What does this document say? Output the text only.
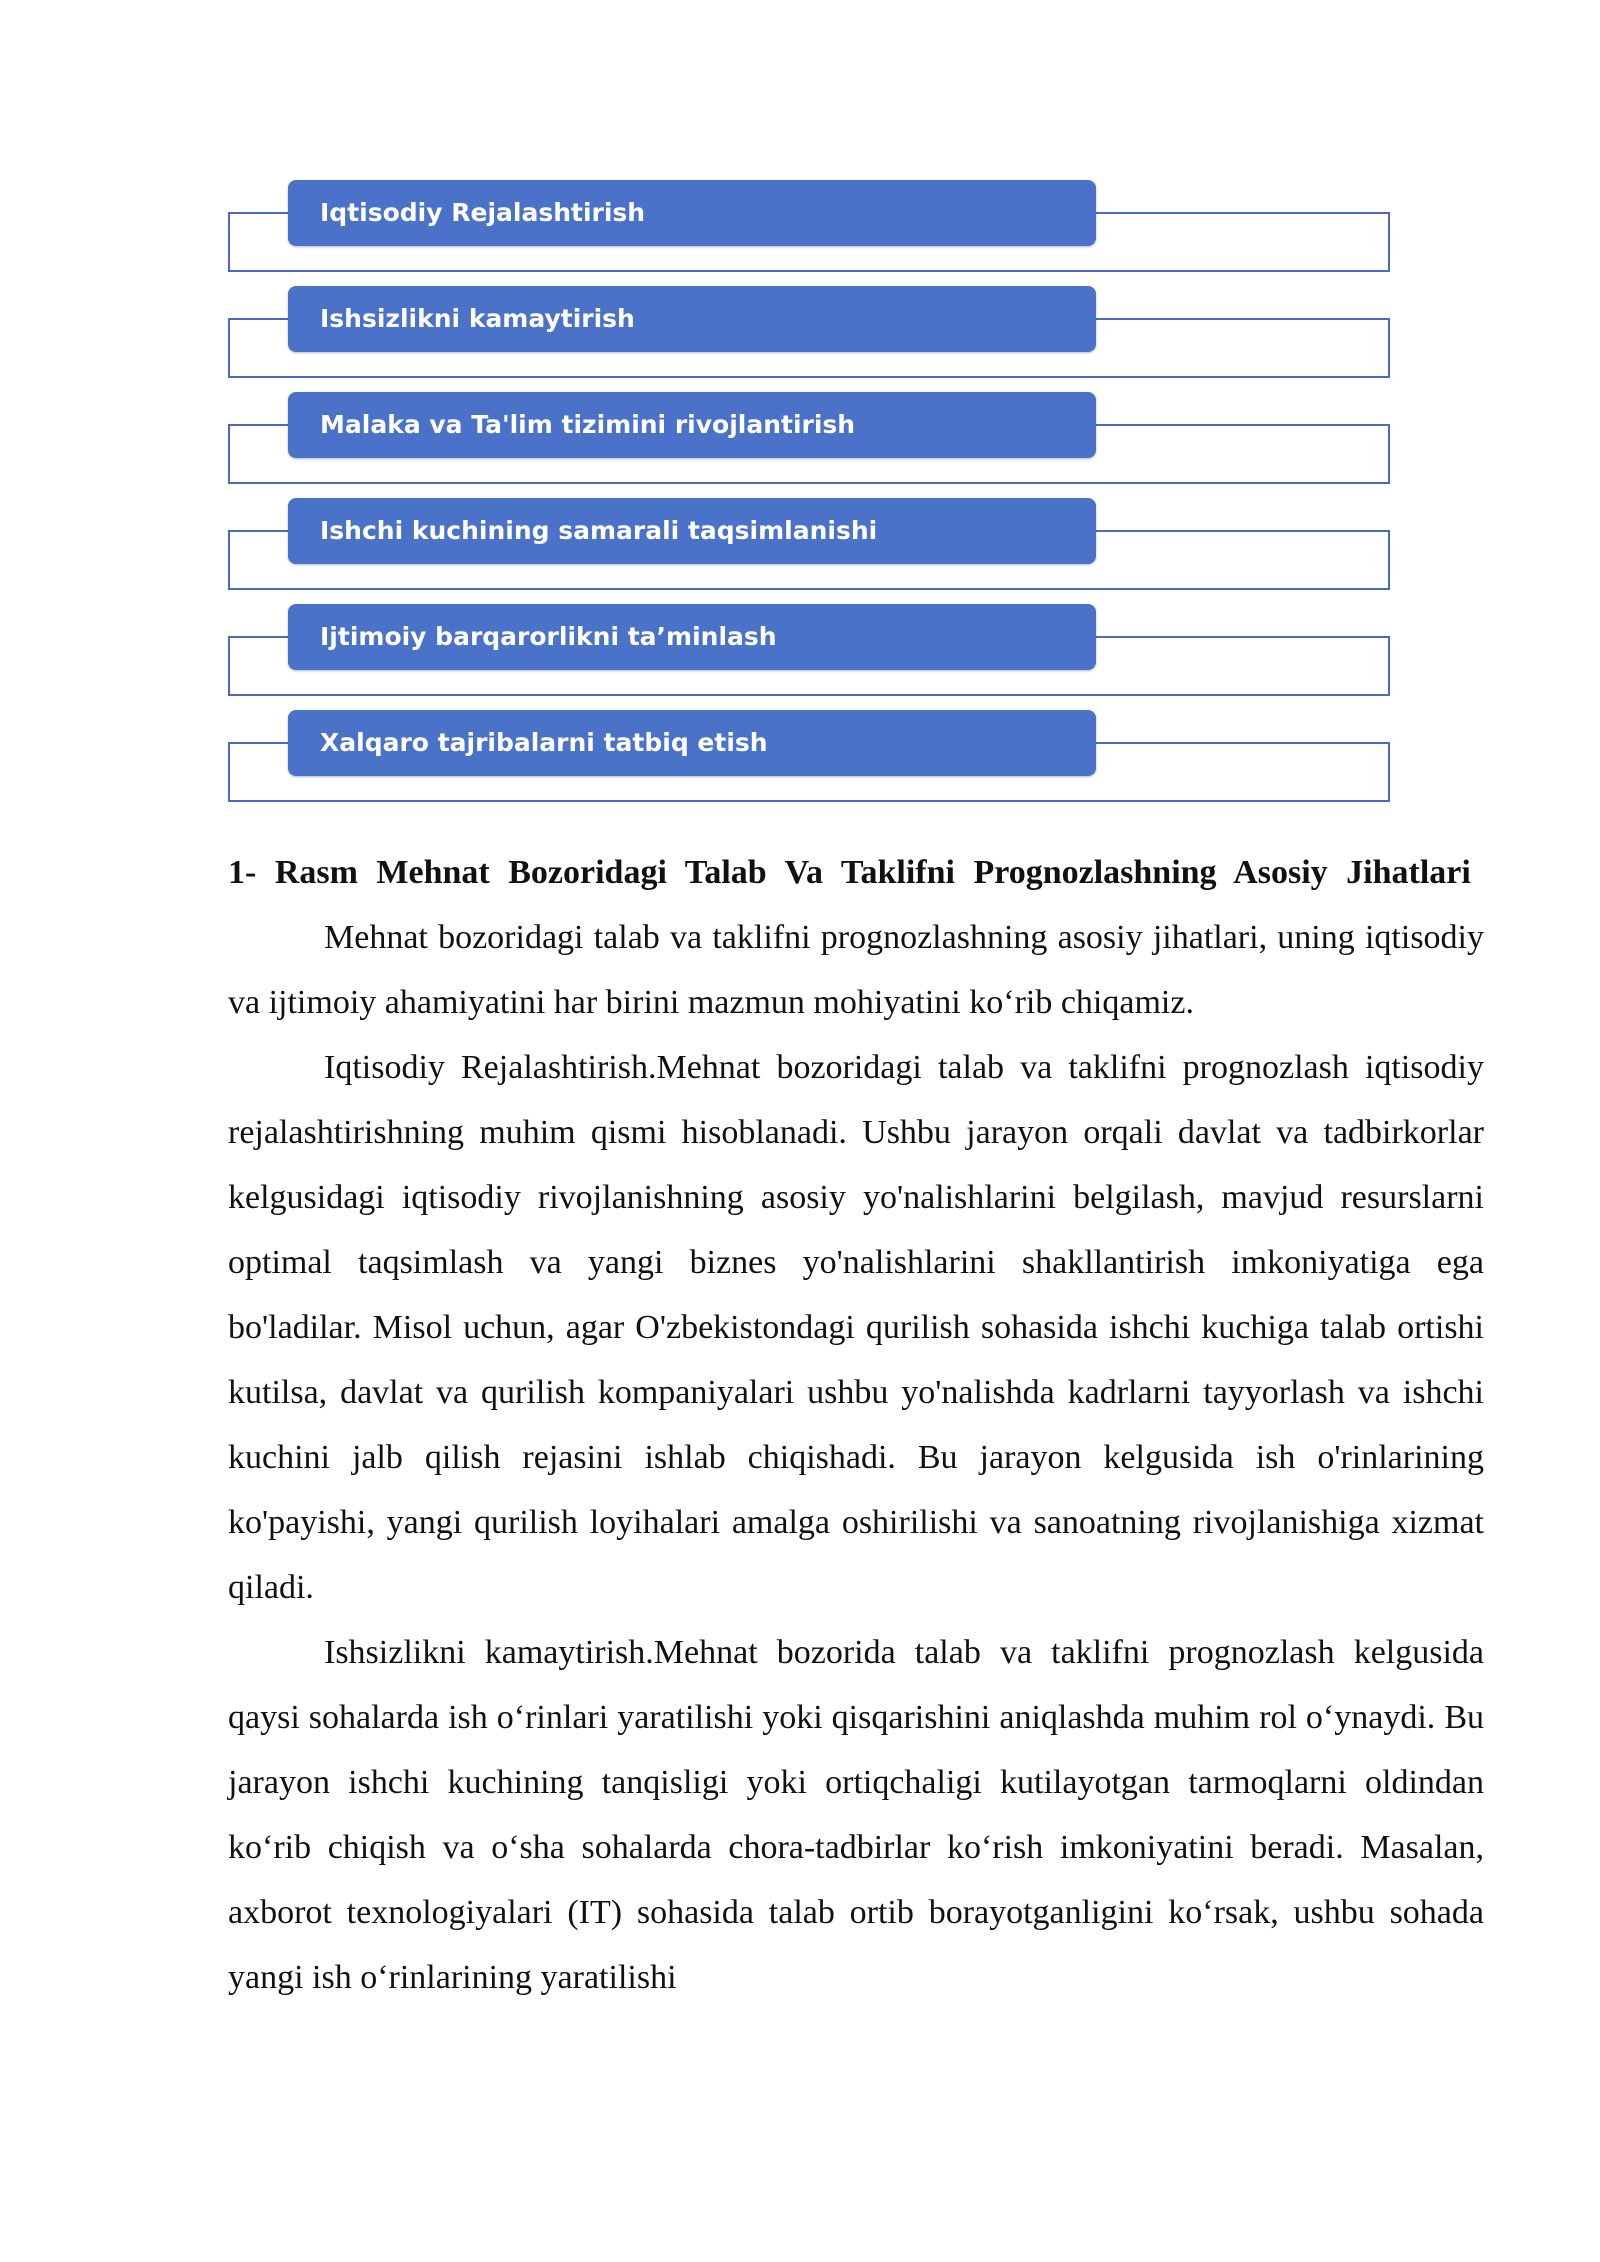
Iqtisodiy Rejalashtirish
Ishsizlikni kamaytirish
Malaka va Ta'lim tizimini rivojlantirish
Ishchi kuchining samarali taqsimlanishi
Ijtimoiy barqarorlikni ta’minlash
Xalqaro tajribalarni tatbiq etish

1- Rasm Mehnat Bozoridagi Talab Va Taklifni Prognozlashning Asosiy Jihatlari

Mehnat bozoridagi talab va taklifni prognozlashning asosiy jihatlari, uning iqtisodiy va ijtimoiy ahamiyatini har birini mazmun mohiyatini ko‘rib chiqamiz.

Iqtisodiy Rejalashtirish.Mehnat bozoridagi talab va taklifni prognozlash iqtisodiy rejalashtirishning muhim qismi hisoblanadi. Ushbu jarayon orqali davlat va tadbirkorlar kelgusidagi iqtisodiy rivojlanishning asosiy yo'nalishlarini belgilash, mavjud resurslarni optimal taqsimlash va yangi biznes yo'nalishlarini shakllantirish imkoniyatiga ega bo'ladilar. Misol uchun, agar O'zbekistondagi qurilish sohasida ishchi kuchiga talab ortishi kutilsa, davlat va qurilish kompaniyalari ushbu yo'nalishda kadrlarni tayyorlash va ishchi kuchini jalb qilish rejasini ishlab chiqishadi. Bu jarayon kelgusida ish o'rinlarining ko'payishi, yangi qurilish loyihalari amalga oshirilishi va sanoatning rivojlanishiga xizmat qiladi.

Ishsizlikni kamaytirish.Mehnat bozorida talab va taklifni prognozlash kelgusida qaysi sohalarda ish o‘rinlari yaratilishi yoki qisqarishini aniqlashda muhim rol o‘ynaydi. Bu jarayon ishchi kuchining tanqisligi yoki ortiqchaligi kutilayotgan tarmoqlarni oldindan ko‘rib chiqish va o‘sha sohalarda chora-tadbirlar ko‘rish imkoniyatini beradi. Masalan, axborot texnologiyalari (IT) sohasida talab ortib borayotganligini ko‘rsak, ushbu sohada yangi ish o‘rinlarining yaratilishi
